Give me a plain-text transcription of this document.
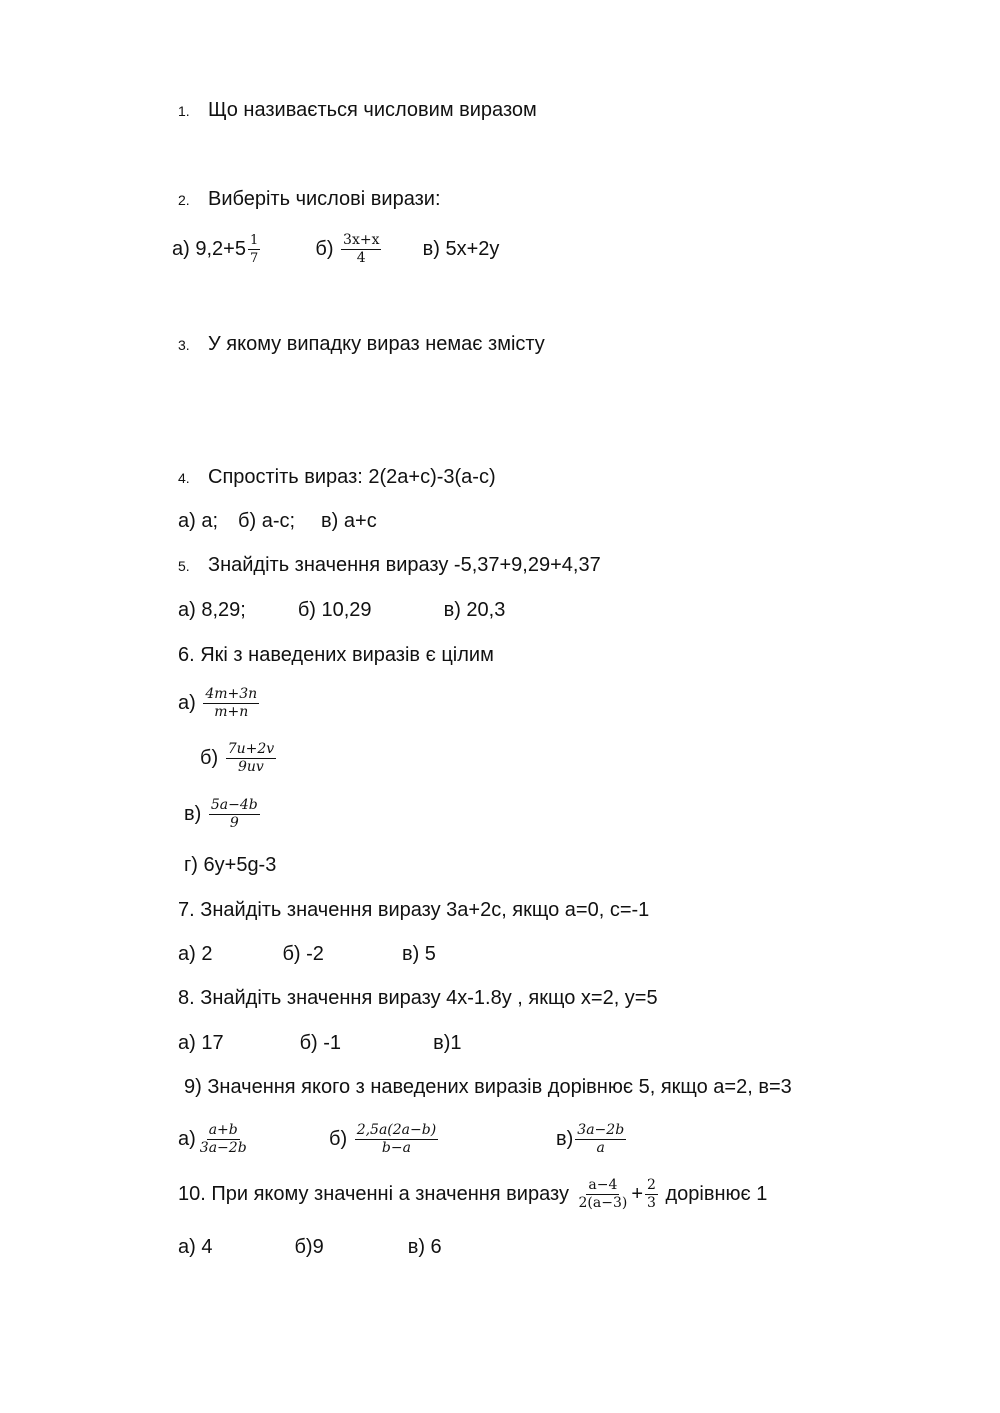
1. Що називається числовим виразом
2. Виберіть числові вирази:
а) $9,2+5 \frac{1}{7}$	$б) \frac{3x+x}{4} в$) 5x+2y
3. У якому випадку вираз немає змісту
4. Спростіть вираз: 2(2a+c)-3(a-c)
а) а; б) а-с; в) а+с
5. Знайдіть значення виразу -5,37+9,29+4,37
а) 8,29;	б) 10,29	в) 20,3
6. Які з наведених виразів є цілим
$а) \frac{4m+3n}{m+n}$
$б) \frac{7u+2v}{9uv}$
$в) \frac{5a-4b}{9}$
г) 6y+5g-3
7. Знайдіть значення виразу 3a+2c, якщо а=0, с=-1
а) 2	б) -2	в) 5
8. Знайдіть значення виразу 4x-1.8y , якщо x=2, y=5
а) 17	б) -1	в)1
9) Значення якого з наведених виразів дорівнює 5, якщо а=2, в=3
$а) \frac{a+b}{3a-2b}$	$б) \frac{2,5a(2a-b)}{b-a}$	$в) \frac{3a-2b}{a}$
10. При якому значенні а значення виразу $\frac{a-4}{2(a-3)} + \frac{2}{3}$ дорівнює 1
а) 4	б)9	в) 6
